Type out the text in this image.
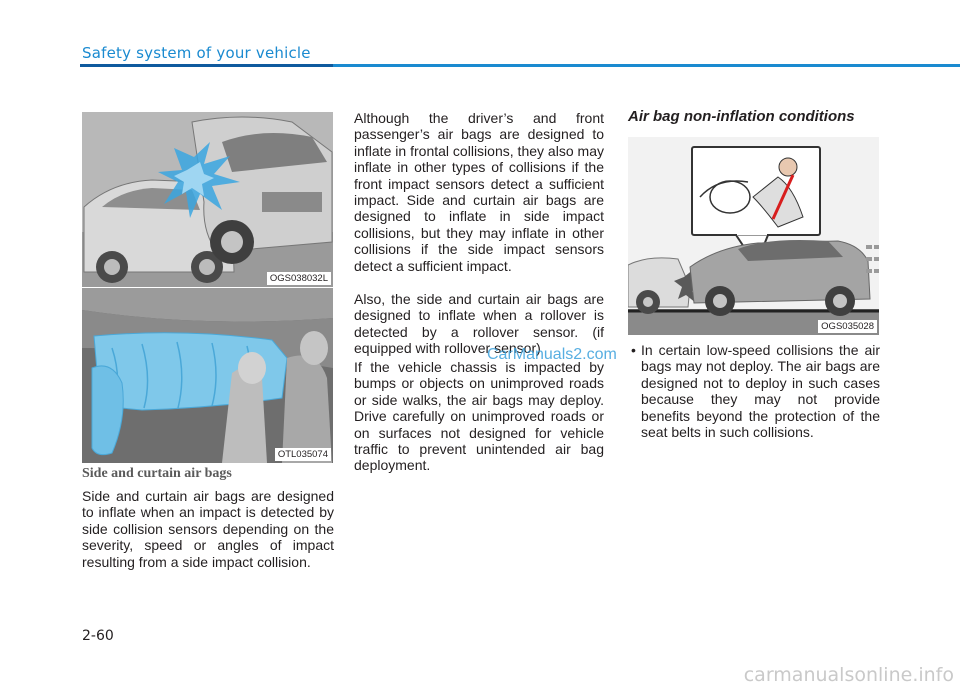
Safety system of your vehicle
OGS038032L
OTL035074
Side and curtain air bags

Side and curtain air bags are designed to inflate when an impact is detected by side collision sensors depending on the severity, speed or angles of impact resulting from a side impact collision.

Although the driver’s and front passenger’s air bags are designed to inflate in frontal collisions, they also may inflate in other types of collisions if the front impact sensors detect a sufficient impact. Side and curtain air bags are designed to inflate in side impact collisions, but they may inflate in other collisions if the side impact sensors detect a sufficient impact.

Also, the side and curtain air bags are designed to inflate when a rollover is detected by a rollover sensor. (if equipped with rollover sensor)

If the vehicle chassis is impacted by bumps or objects on unimproved roads or side walks, the air bags may deploy. Drive carefully on unimproved roads or on surfaces not designed for vehicle traffic to prevent unintended air bag deployment.

Air bag non-inflation conditions
OGS035028
• In certain low-speed collisions the air bags may not deploy. The air bags are designed not to deploy in such cases because they may not provide benefits beyond the protection of the seat belts in such collisions.
CarManuals2.com
2-60
carmanualsonline.info
